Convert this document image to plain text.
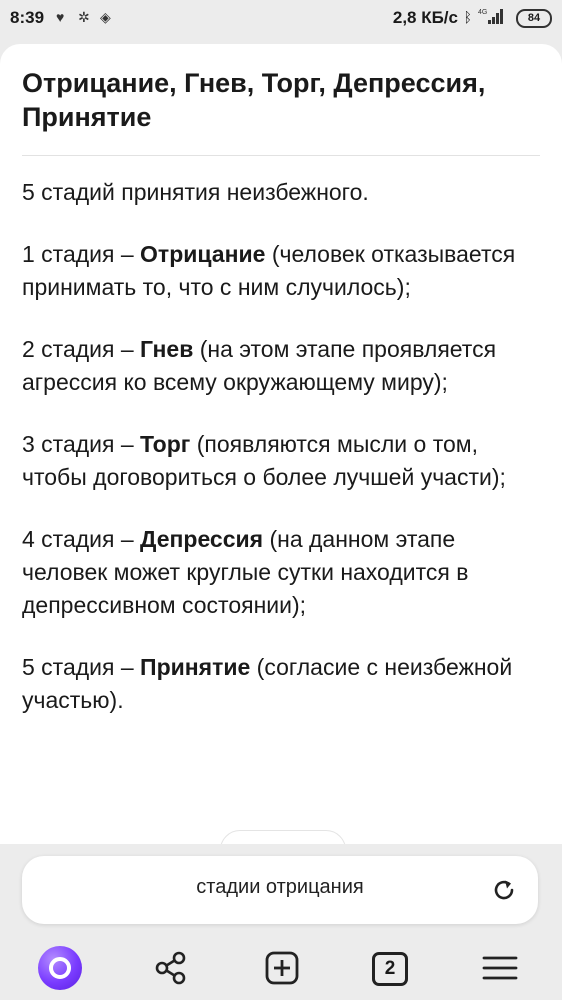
8:39 ♥ ✲ ◈	2,8 КБ/с ᛒ 4G	84
Отрицание, Гнев, Торг, Депрессия, Принятие

5 стадий принятия неизбежного.

1 стадия – Отрицание (человек отказывается принимать то, что с ним случилось);

2 стадия – Гнев (на этом этапе проявляется агрессия ко всему окружающему миру);

3 стадия – Торг (появляются мысли о том, чтобы договориться о более лучшей участи);

4 стадия – Депрессия (на данном этапе человек может круглые сутки находится в депрессивном состоянии);

5 стадия – Принятие (согласие с неизбежной участью).

стадии отрицания
2
